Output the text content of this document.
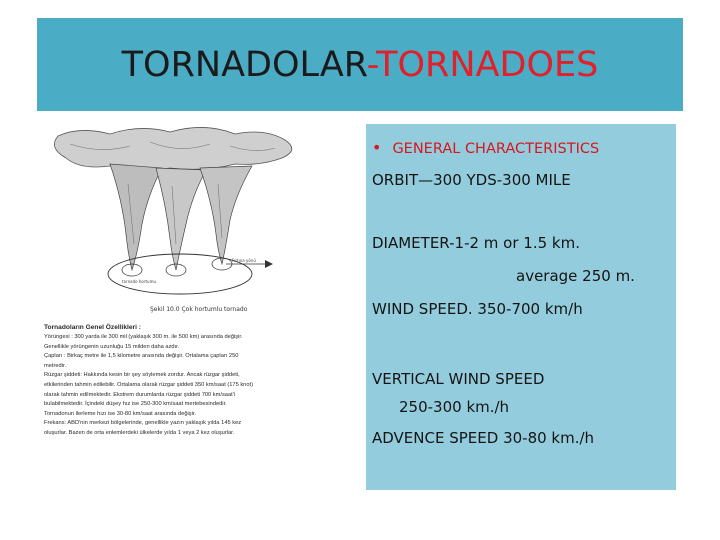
TORNADOLAR-TORNADOES
tornado hortumu
Fırtına yönü
Şekil 10.0 Çok hortumlu tornado
Tornadoların Genel Özellikleri :
Yörüngesi : 300 yarda ile 300 mil (yaklaşık 300 m. ile 500 km) arasında değişir.
Genellikle yörüngenin uzunluğu 15 milden daha azdır.
Çapları : Birkaç metre ile 1,5 kilometre arasında değişir. Ortalama çapları 250
metredir.
Rüzgar şiddeti: Hakkında kesin bir şey söylemek zordur. Ancak rüzgar şiddeti,
etkilerinden tahmin edilebilir. Ortalama olarak rüzgar şiddeti 350 km/saat (175 knot)
olarak tahmin edilmektedir. Ekstrem durumlarda rüzgar şiddeti 700 km/saat'i
bulabilmektedir. İçindeki düşey hız ise 250-300 km/saat mertebesindedir.
Tornadonun ilerleme hızı ise 30-80 km/saat arasında değişir.
Frekans: ABD'nin merkezi bölgelerinde, genellikle yazın yaklaşık yılda 145 kez
oluşurlar. Bazen de orta enlemlerdeki ülkelerde yılda 1 veya 2 kez oluşurlar.
• GENERAL CHARACTERISTICS
ORBIT—300 YDS-300 MILE
DIAMETER-1-2 m or 1.5 km.
average 250 m.
WIND SPEED. 350-700 km/h
VERTICAL WIND SPEED
250-300 km./h
ADVENCE SPEED 30-80 km./h
